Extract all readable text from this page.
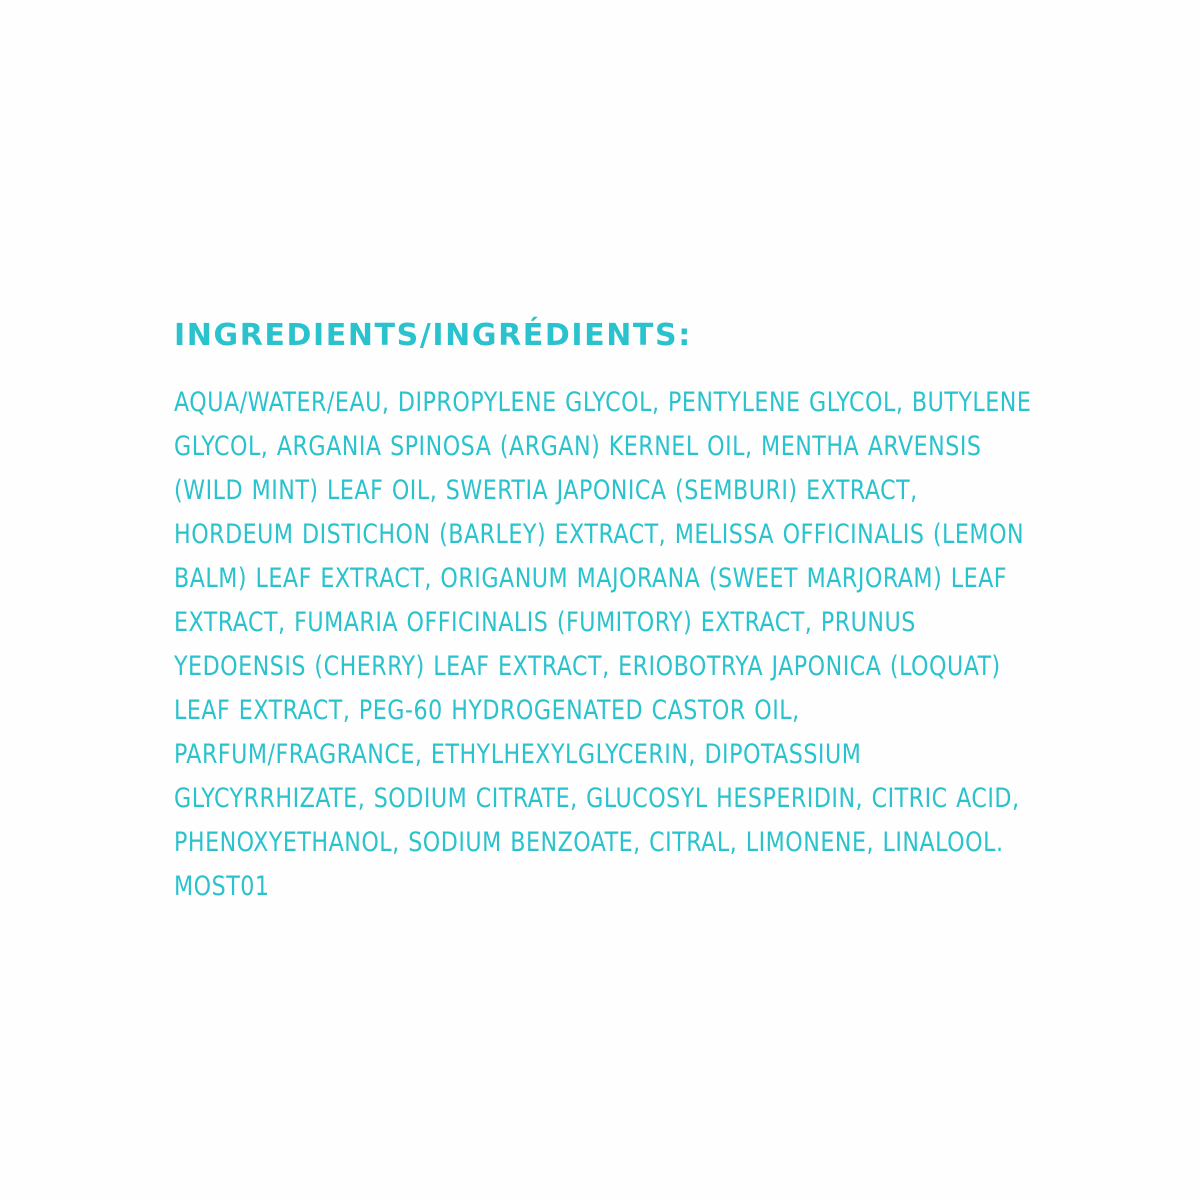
INGREDIENTS/INGRÉDIENTS:

AQUA/WATER/EAU, DIPROPYLENE GLYCOL, PENTYLENE GLYCOL, BUTYLENE GLYCOL, ARGANIA SPINOSA (ARGAN) KERNEL OIL, MENTHA ARVENSIS (WILD MINT) LEAF OIL, SWERTIA JAPONICA (SEMBURI) EXTRACT, HORDEUM DISTICHON (BARLEY) EXTRACT, MELISSA OFFICINALIS (LEMON BALM) LEAF EXTRACT, ORIGANUM MAJORANA (SWEET MARJORAM) LEAF EXTRACT, FUMARIA OFFICINALIS (FUMITORY) EXTRACT, PRUNUS YEDOENSIS (CHERRY) LEAF EXTRACT, ERIOBOTRYA JAPONICA (LOQUAT) LEAF EXTRACT, PEG-60 HYDROGENATED CASTOR OIL, PARFUM/FRAGRANCE, ETHYLHEXYLGLYCERIN, DIPOTASSIUM GLYCYRRHIZATE, SODIUM CITRATE, GLUCOSYL HESPERIDIN, CITRIC ACID, PHENOXYETHANOL, SODIUM BENZOATE, CITRAL, LIMONENE, LINALOOL. MOST01
